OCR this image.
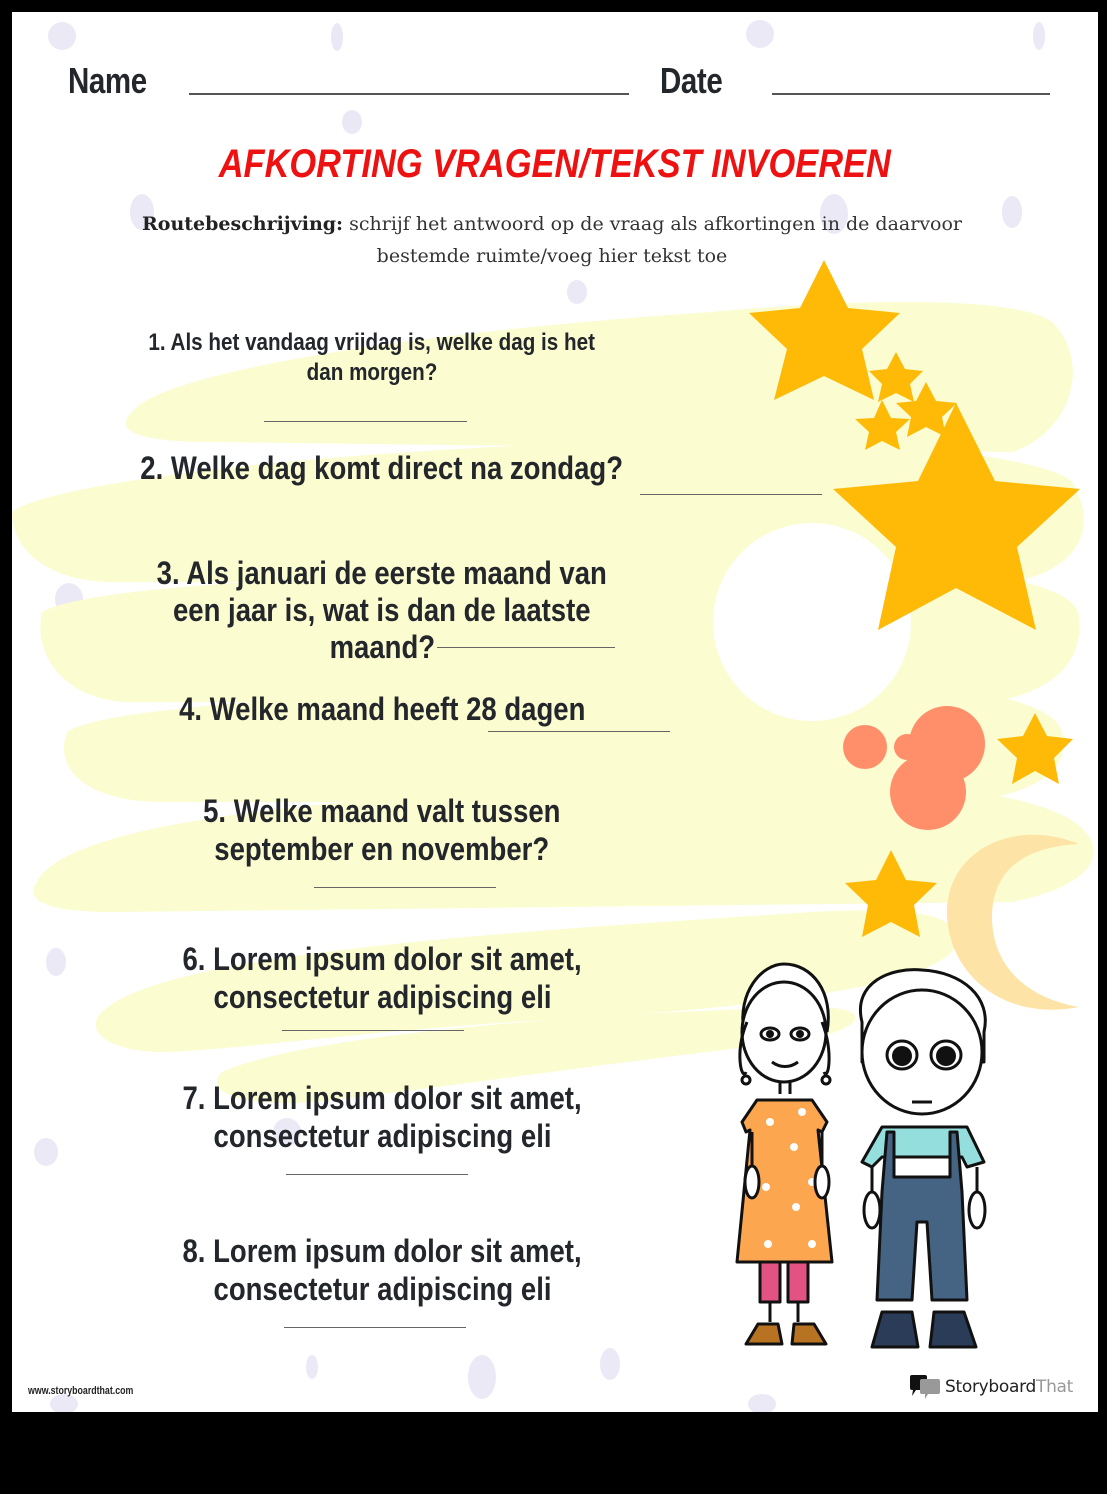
Name	Date
AFKORTING VRAGEN/TEKST INVOEREN
Routebeschrijving: schrijf het antwoord op de vraag als afkortingen in de daarvoor
bestemde ruimte/voeg hier tekst toe
1. Als het vandaag vrijdag is, welke dag is het
dan morgen?
2. Welke dag komt direct na zondag?
3. Als januari de eerste maand van
een jaar is, wat is dan de laatste
maand?
4. Welke maand heeft 28 dagen
5. Welke maand valt tussen
september en november?
6. Lorem ipsum dolor sit amet,
consectetur adipiscing eli
7. Lorem ipsum dolor sit amet,
consectetur adipiscing eli
8. Lorem ipsum dolor sit amet,
consectetur adipiscing eli
www.storyboardthat.com	StoryboardThat
